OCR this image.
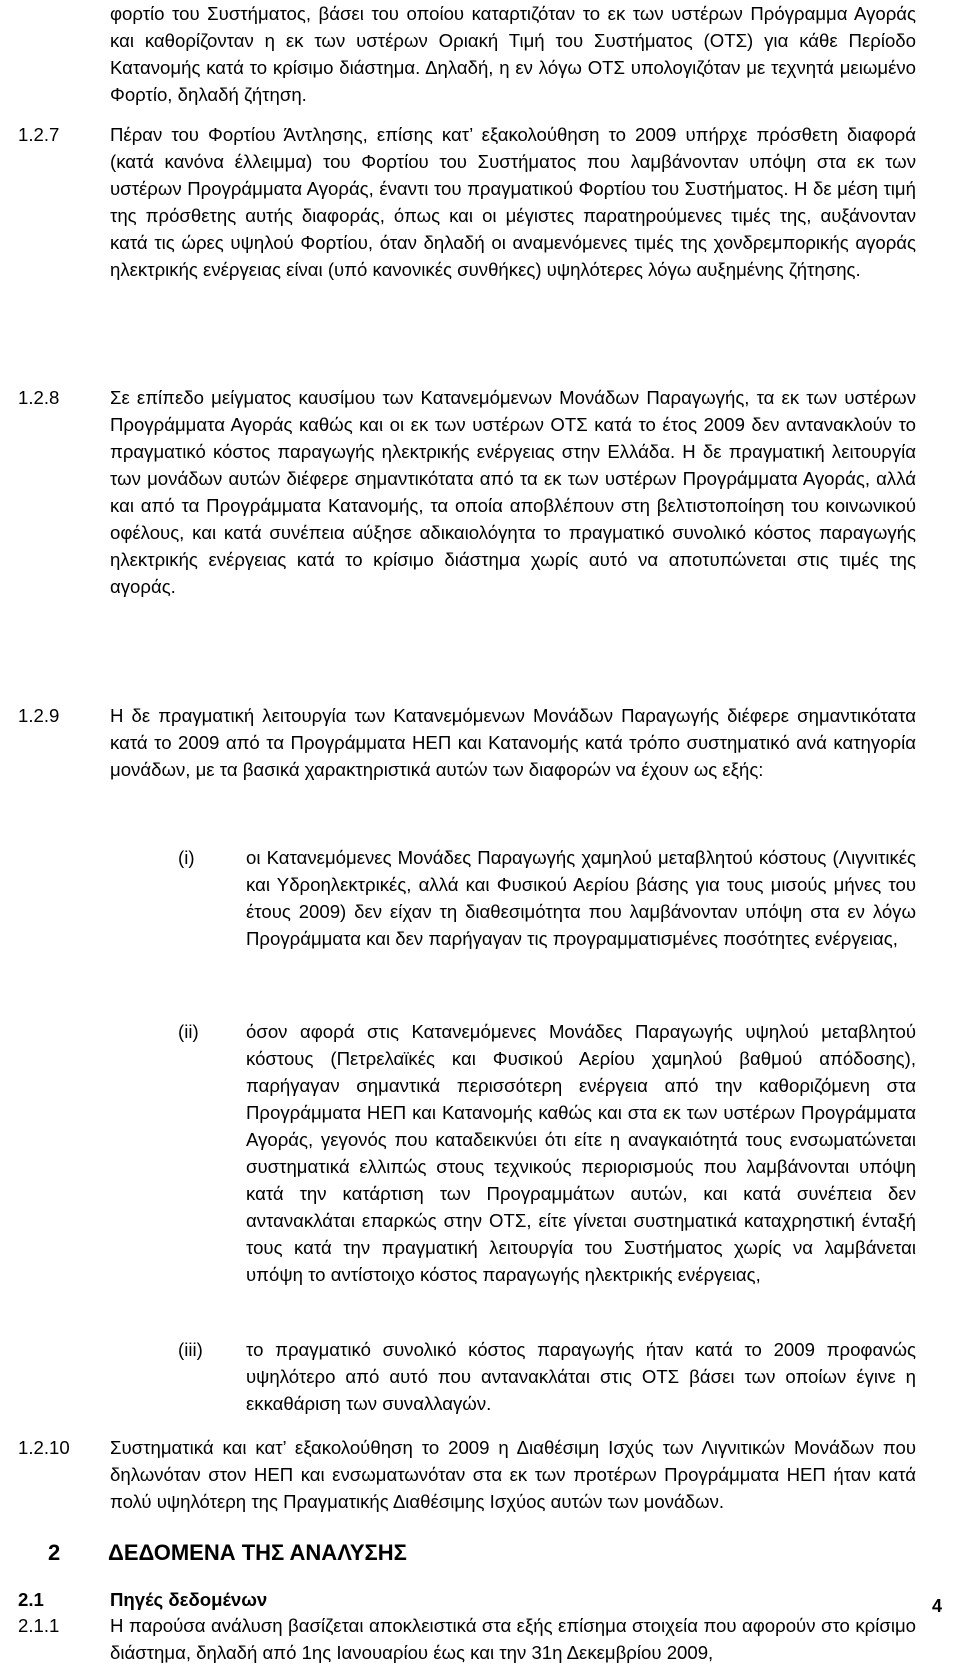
φορτίο του Συστήματος, βάσει του οποίου καταρτιζόταν το εκ των υστέρων Πρόγραμμα Αγοράς και καθορίζονταν η εκ των υστέρων Οριακή Τιμή του Συστήματος (ΟΤΣ) για κάθε Περίοδο Κατανομής κατά το κρίσιμο διάστημα. Δηλαδή, η εν λόγω ΟΤΣ υπολογιζόταν με τεχνητά μειωμένο Φορτίο, δηλαδή ζήτηση.
1.2.7	Πέραν του Φορτίου Άντλησης, επίσης κατ’ εξακολούθηση το 2009 υπήρχε πρόσθετη διαφορά (κατά κανόνα έλλειμμα) του Φορτίου του Συστήματος που λαμβάνονταν υπόψη στα εκ των υστέρων Προγράμματα Αγοράς, έναντι του πραγματικού Φορτίου του Συστήματος. Η δε μέση τιμή της πρόσθετης αυτής διαφοράς, όπως και οι μέγιστες παρατηρούμενες τιμές της, αυξάνονταν κατά τις ώρες υψηλού Φορτίου, όταν δηλαδή οι αναμενόμενες τιμές της χονδρεμπορικής αγοράς ηλεκτρικής ενέργειας είναι (υπό κανονικές συνθήκες) υψηλότερες λόγω αυξημένης ζήτησης.
1.2.8	Σε επίπεδο μείγματος καυσίμου των Κατανεμόμενων Μονάδων Παραγωγής, τα εκ των υστέρων Προγράμματα Αγοράς καθώς και οι εκ των υστέρων ΟΤΣ κατά το έτος 2009 δεν αντανακλούν το πραγματικό κόστος παραγωγής ηλεκτρικής ενέργειας στην Ελλάδα. Η δε πραγματική λειτουργία των μονάδων αυτών διέφερε σημαντικότατα από τα εκ των υστέρων Προγράμματα Αγοράς, αλλά και από τα Προγράμματα Κατανομής, τα οποία αποβλέπουν στη βελτιστοποίηση του κοινωνικού οφέλους, και κατά συνέπεια αύξησε αδικαιολόγητα το πραγματικό συνολικό κόστος παραγωγής ηλεκτρικής ενέργειας κατά το κρίσιμο διάστημα χωρίς αυτό να αποτυπώνεται στις τιμές της αγοράς.
1.2.9	Η δε πραγματική λειτουργία των Κατανεμόμενων Μονάδων Παραγωγής διέφερε σημαντικότατα κατά το 2009 από τα Προγράμματα ΗΕΠ και Κατανομής κατά τρόπο συστηματικό ανά κατηγορία μονάδων, με τα βασικά χαρακτηριστικά αυτών των διαφορών να έχουν ως εξής:
(i)	οι Κατανεμόμενες Μονάδες Παραγωγής χαμηλού μεταβλητού κόστους (Λιγνιτικές και Υδροηλεκτρικές, αλλά και Φυσικού Αερίου βάσης για τους μισούς μήνες του έτους 2009) δεν είχαν τη διαθεσιμότητα που λαμβάνονταν υπόψη στα εν λόγω Προγράμματα και δεν παρήγαγαν τις προγραμματισμένες ποσότητες ενέργειας,
(ii)	όσον αφορά στις Κατανεμόμενες Μονάδες Παραγωγής υψηλού μεταβλητού κόστους (Πετρελαϊκές και Φυσικού Αερίου χαμηλού βαθμού απόδοσης), παρήγαγαν σημαντικά περισσότερη ενέργεια από την καθοριζόμενη στα Προγράμματα ΗΕΠ και Κατανομής καθώς και στα εκ των υστέρων Προγράμματα Αγοράς, γεγονός που καταδεικνύει ότι είτε η αναγκαιότητά τους ενσωματώνεται συστηματικά ελλιπώς στους τεχνικούς περιορισμούς που λαμβάνονται υπόψη κατά την κατάρτιση των Προγραμμάτων αυτών, και κατά συνέπεια δεν αντανακλάται επαρκώς στην ΟΤΣ, είτε γίνεται συστηματικά καταχρηστική ένταξή τους κατά την πραγματική λειτουργία του Συστήματος χωρίς να λαμβάνεται υπόψη το αντίστοιχο κόστος παραγωγής ηλεκτρικής ενέργειας,
(iii)	το πραγματικό συνολικό κόστος παραγωγής ήταν κατά το 2009 προφανώς υψηλότερο από αυτό που αντανακλάται στις ΟΤΣ βάσει των οποίων έγινε η εκκαθάριση των συναλλαγών.
1.2.10	Συστηματικά και κατ’ εξακολούθηση το 2009 η Διαθέσιμη Ισχύς των Λιγνιτικών Μονάδων που δηλωνόταν στον ΗΕΠ και ενσωματωνόταν στα εκ των προτέρων Προγράμματα ΗΕΠ ήταν κατά πολύ υψηλότερη της Πραγματικής Διαθέσιμης Ισχύος αυτών των μονάδων.
2 ΔΕΔΟΜΕΝΑ ΤΗΣ ΑΝΑΛΥΣΗΣ
2.1	Πηγές δεδομένων
2.1.1	Η παρούσα ανάλυση βασίζεται αποκλειστικά στα εξής επίσημα στοιχεία που αφορούν στο κρίσιμο διάστημα, δηλαδή από 1ης Ιανουαρίου έως και την 31η Δεκεμβρίου 2009,
4
